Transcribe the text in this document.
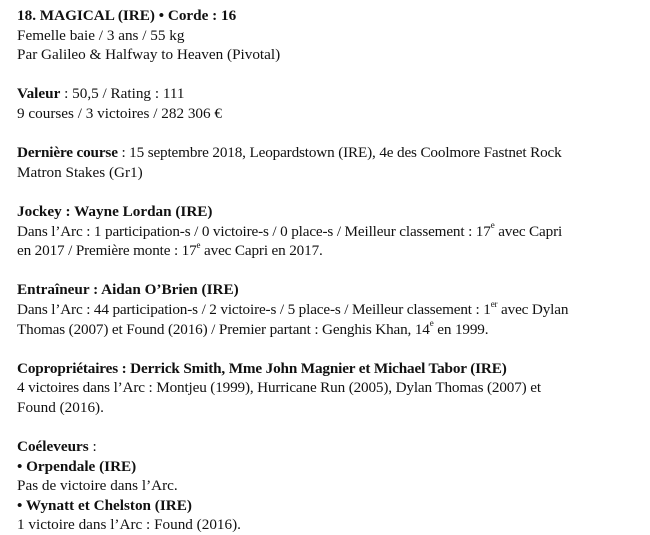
18. MAGICAL (IRE) • Corde : 16

Femelle baie / 3 ans / 55 kg

Par Galileo & Halfway to Heaven (Pivotal)

Valeur : 50,5 / Rating : 111

9 courses / 3 victoires / 282 306 €

Dernière course : 15 septembre 2018, Leopardstown (IRE), 4e des Coolmore Fastnet Rock

Matron Stakes (Gr1)

Jockey : Wayne Lordan (IRE)

Dans l’Arc : 1 participation-s / 0 victoire-s / 0 place-s / Meilleur classement : 17e avec Capri

en 2017 / Première monte : 17e avec Capri en 2017.

Entraîneur : Aidan O’Brien (IRE)

Dans l’Arc : 44 participation-s / 2 victoire-s / 5 place-s / Meilleur classement : 1er avec Dylan

Thomas (2007) et Found (2016) / Premier partant : Genghis Khan, 14e en 1999.

Copropriétaires : Derrick Smith, Mme John Magnier et Michael Tabor (IRE)

4 victoires dans l’Arc : Montjeu (1999), Hurricane Run (2005), Dylan Thomas (2007) et

Found (2016).

Coéleveurs :

• Orpendale (IRE)

Pas de victoire dans l’Arc.

• Wynatt et Chelston (IRE)

1 victoire dans l’Arc : Found (2016).
